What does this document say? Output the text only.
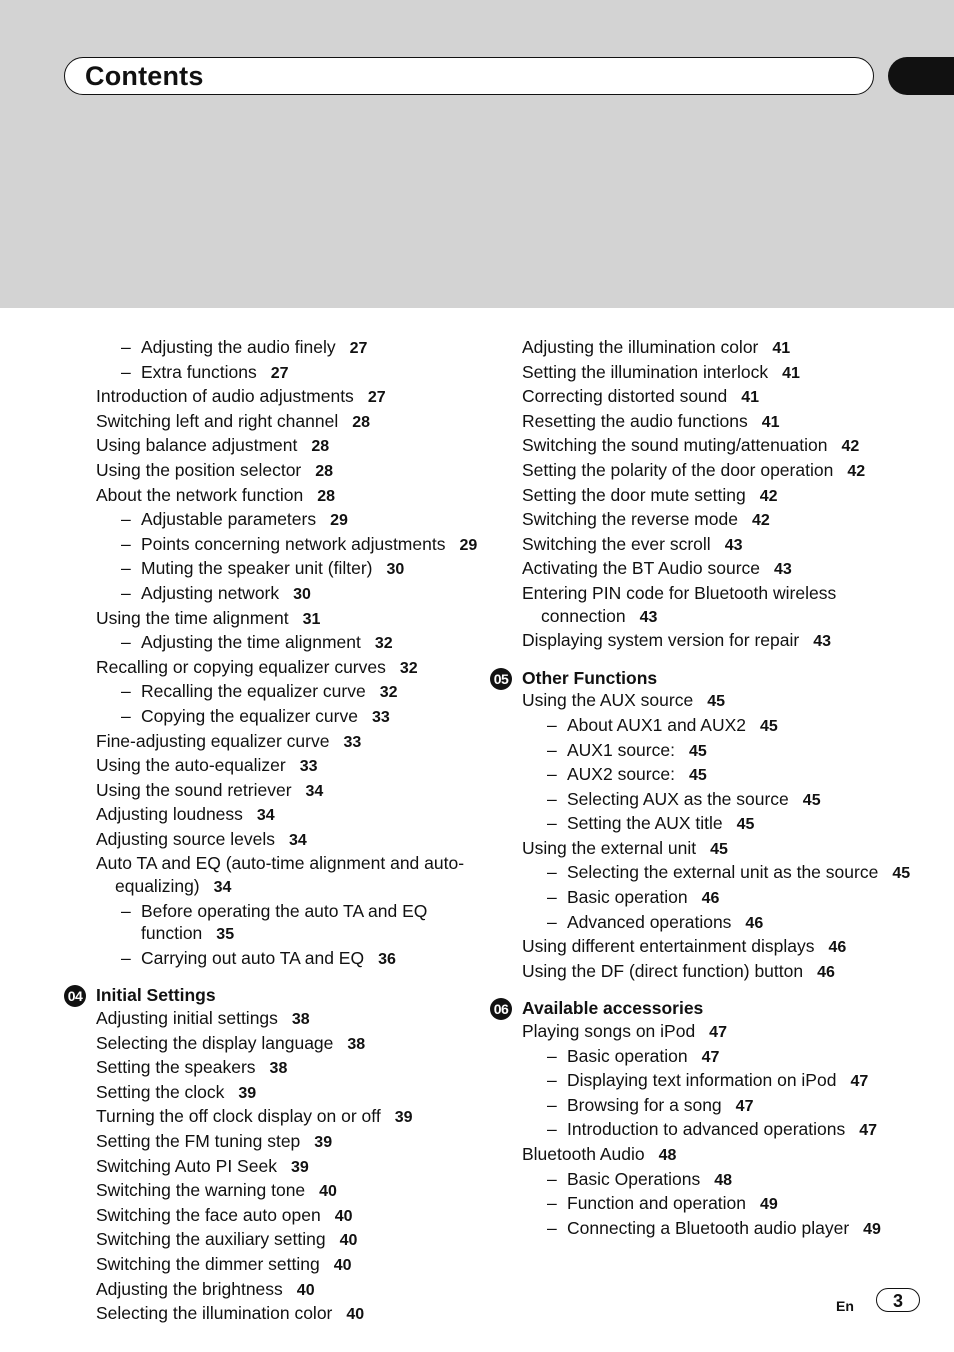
Contents
– Adjusting the audio finely 27
– Extra functions 27
Introduction of audio adjustments 27
Switching left and right channel 28
Using balance adjustment 28
Using the position selector 28
About the network function 28
– Adjustable parameters 29
– Points concerning network adjustments 29
– Muting the speaker unit (filter) 30
– Adjusting network 30
Using the time alignment 31
– Adjusting the time alignment 32
Recalling or copying equalizer curves 32
– Recalling the equalizer curve 32
– Copying the equalizer curve 33
Fine-adjusting equalizer curve 33
Using the auto-equalizer 33
Using the sound retriever 34
Adjusting loudness 34
Adjusting source levels 34
Auto TA and EQ (auto-time alignment and auto-equalizing) 34
– Before operating the auto TA and EQ function 35
– Carrying out auto TA and EQ 36
04 Initial Settings
Adjusting initial settings 38
Selecting the display language 38
Setting the speakers 38
Setting the clock 39
Turning the off clock display on or off 39
Setting the FM tuning step 39
Switching Auto PI Seek 39
Switching the warning tone 40
Switching the face auto open 40
Switching the auxiliary setting 40
Switching the dimmer setting 40
Adjusting the brightness 40
Selecting the illumination color 40
Adjusting the illumination color 41
Setting the illumination interlock 41
Correcting distorted sound 41
Resetting the audio functions 41
Switching the sound muting/attenuation 42
Setting the polarity of the door operation 42
Setting the door mute setting 42
Switching the reverse mode 42
Switching the ever scroll 43
Activating the BT Audio source 43
Entering PIN code for Bluetooth wireless connection 43
Displaying system version for repair 43
05 Other Functions
Using the AUX source 45
– About AUX1 and AUX2 45
– AUX1 source: 45
– AUX2 source: 45
– Selecting AUX as the source 45
– Setting the AUX title 45
Using the external unit 45
– Selecting the external unit as the source 45
– Basic operation 46
– Advanced operations 46
Using different entertainment displays 46
Using the DF (direct function) button 46
06 Available accessories
Playing songs on iPod 47
– Basic operation 47
– Displaying text information on iPod 47
– Browsing for a song 47
– Introduction to advanced operations 47
Bluetooth Audio 48
– Basic Operations 48
– Function and operation 49
– Connecting a Bluetooth audio player 49
En	3
